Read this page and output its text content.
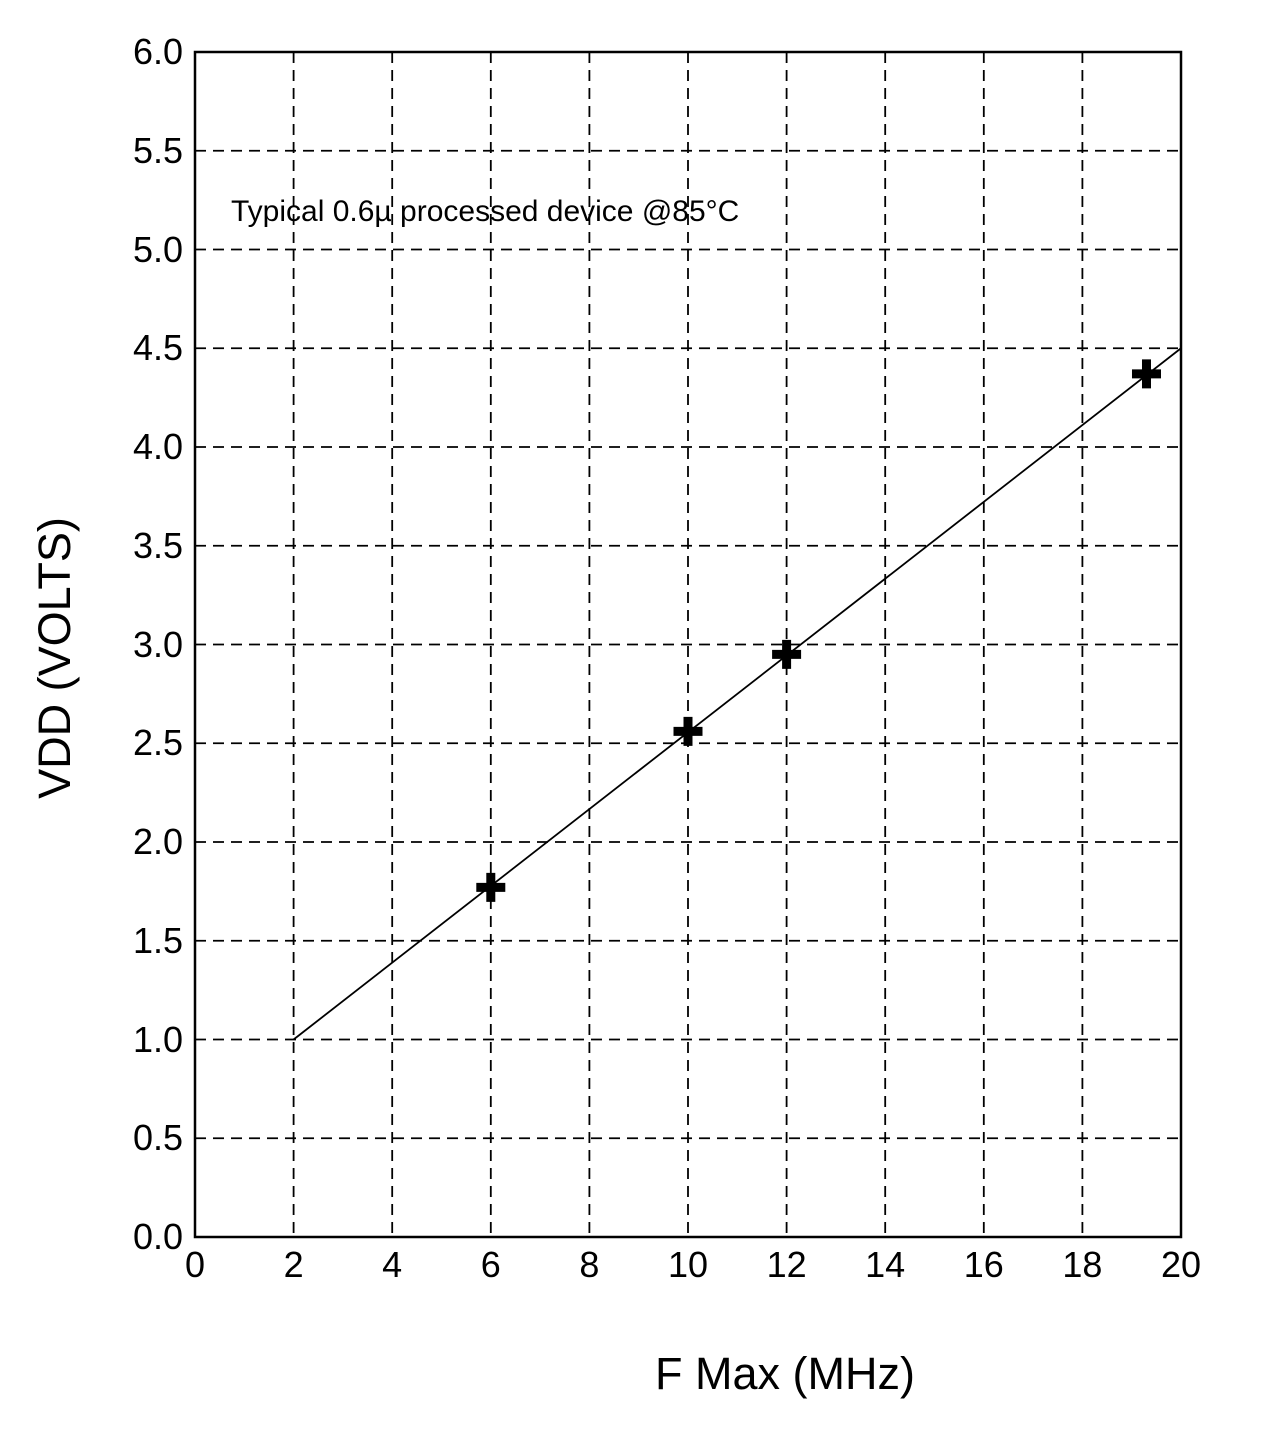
0.0
0.5
1.0
1.5
2.0
2.5
3.0
3.5
4.0
4.5
5.0
5.5
6.0
0 2 4 6 8 10 12 14 16 18 20
Typical 0.6µ processed device @85°C
F Max (MHz)
VDD (VOLTS)
